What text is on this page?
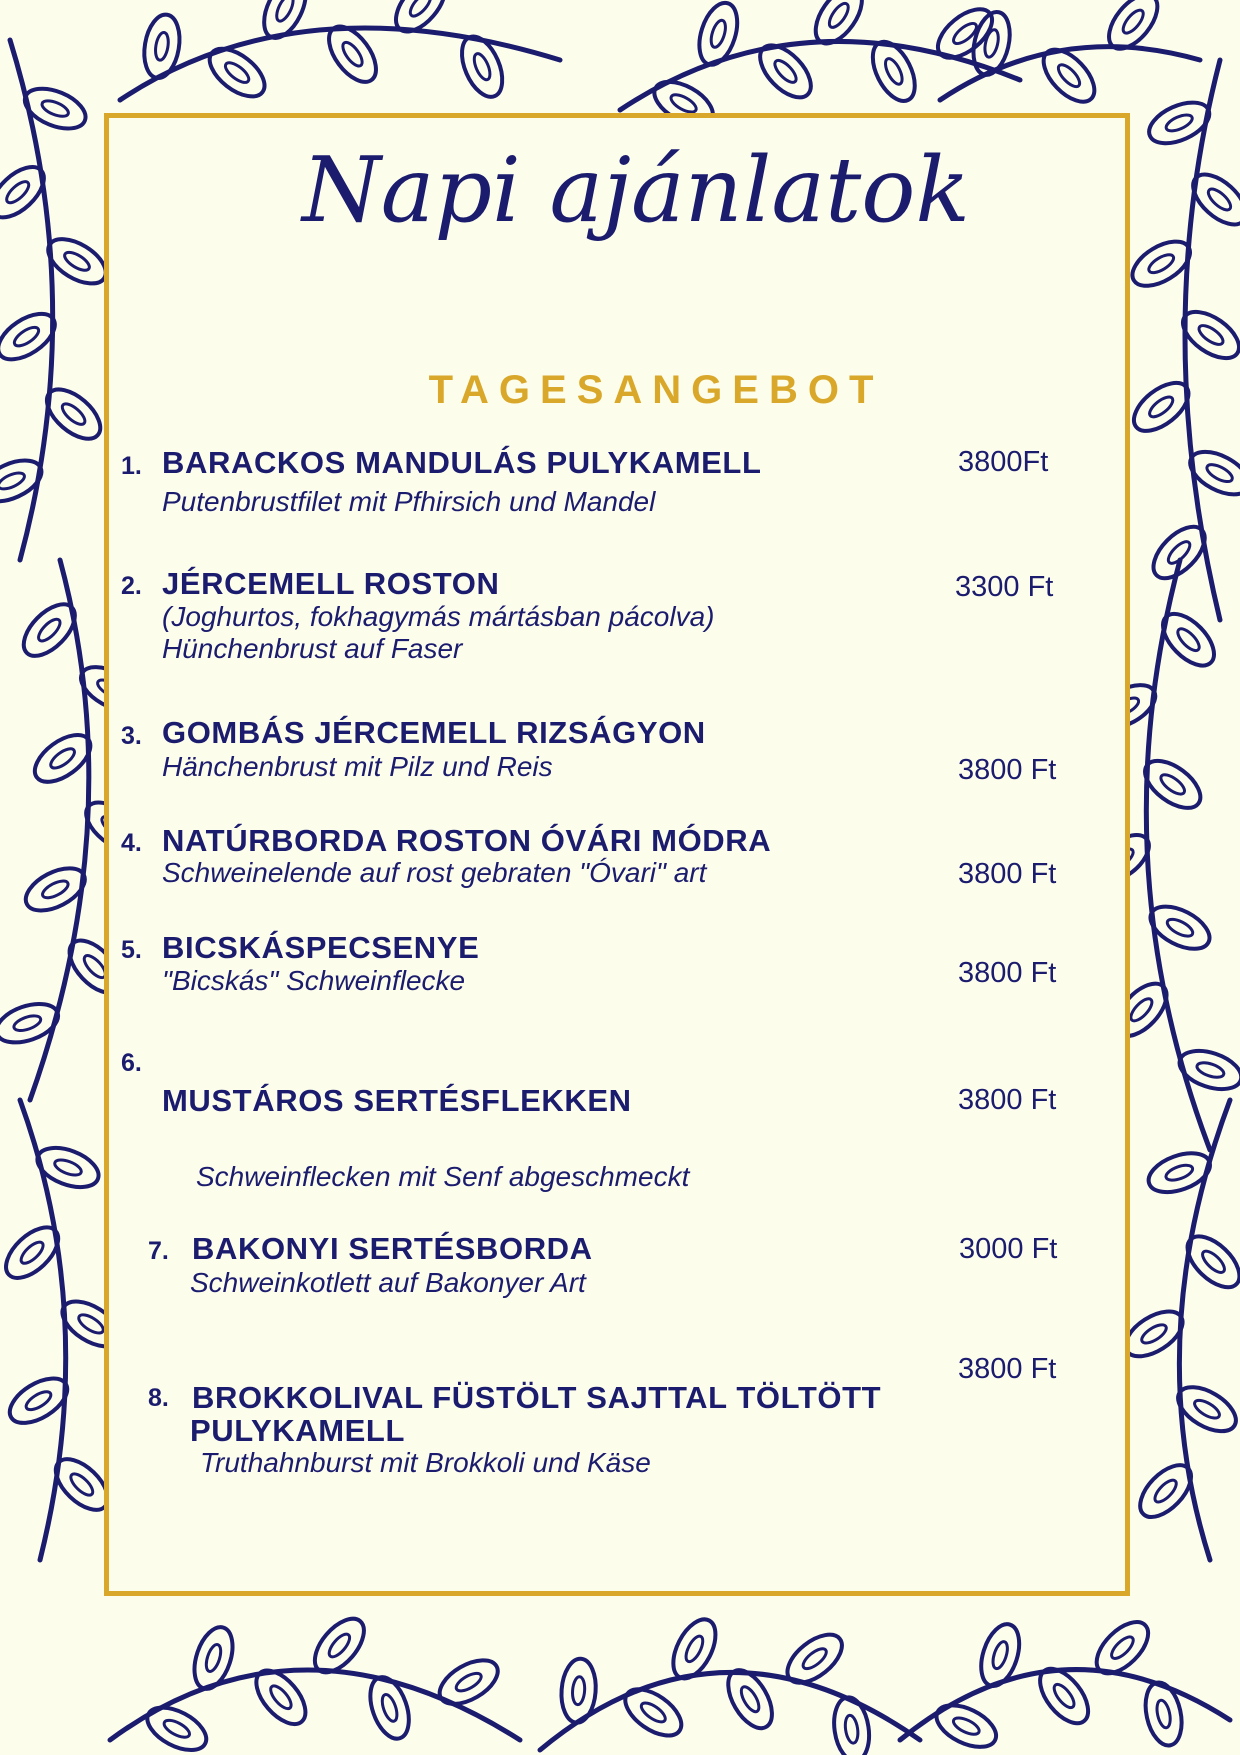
Napi ajánlatok
TAGESANGEBOT
1. BARACKOS MANDULÁS PULYKAMELL
Putenbrustfilet mit Pfhirsich und Mandel
3800Ft
2. JÉRCEMELL ROSTON
(Joghurtos, fokhagymás mártásban pácolva)
Hünchenbrust auf Faser
3300 Ft
3. GOMBÁS JÉRCEMELL RIZSÁGYON
Hänchenbrust mit Pilz und Reis	3800 Ft
4. NATÚRBORDA ROSTON ÓVÁRI MÓDRA
Schweinelende auf rost gebraten "Óvari" art	3800 Ft
5. BICSKÁSPECSENYE
"Bicskás" Schweinflecke	3800 Ft
6.
MUSTÁROS SERTÉSFLEKKEN
Schweinflecken mit Senf abgeschmeckt
3800 Ft
7. BAKONYI SERTÉSBORDA
Schweinkotlett auf Bakonyer Art
3000 Ft
8. BROKKOLIVAL FÜSTÖLT SAJTTAL TÖLTÖTT
PULYKAMELL
Truthahnburst mit Brokkoli und Käse
3800 Ft
